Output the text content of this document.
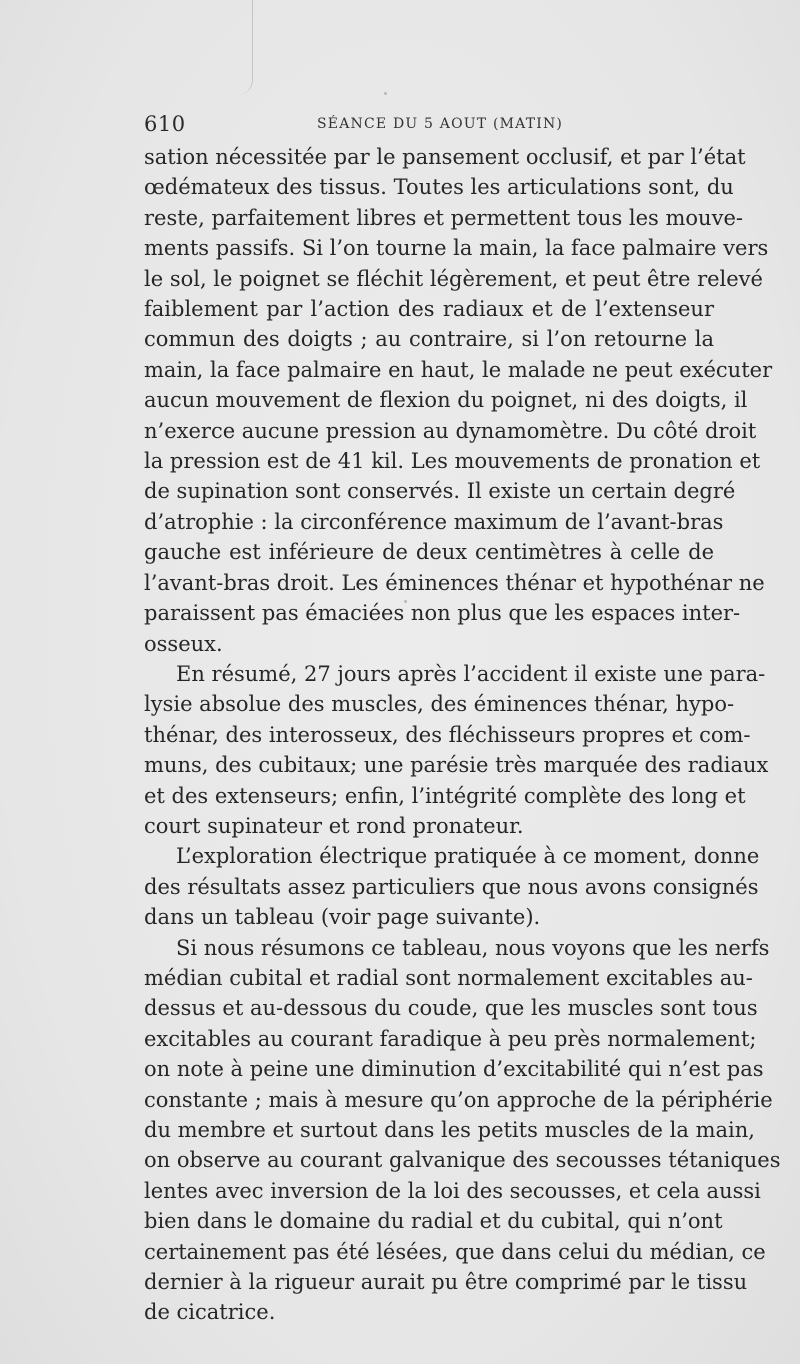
610	SÉANCE DU 5 AOUT (MATIN)

sation nécessitée par le pansement occlusif, et par l’état
œdémateux des tissus. Toutes les articulations sont, du
reste, parfaitement libres et permettent tous les mouve-
ments passifs. Si l’on tourne la main, la face palmaire vers
le sol, le poignet se fléchit légèrement, et peut être relevé
faiblement par l’action des radiaux et de l’extenseur
commun des doigts ; au contraire, si l’on retourne la
main, la face palmaire en haut, le malade ne peut exécuter
aucun mouvement de flexion du poignet, ni des doigts, il
n’exerce aucune pression au dynamomètre. Du côté droit
la pression est de 41 kil. Les mouvements de pronation et
de supination sont conservés. Il existe un certain degré
d’atrophie : la circonférence maximum de l’avant-bras
gauche est inférieure de deux centimètres à celle de
l’avant-bras droit. Les éminences thénar et hypothénar ne
paraissent pas émaciées non plus que les espaces inter-
osseux.

En résumé, 27 jours après l’accident il existe une para-
lysie absolue des muscles, des éminences thénar, hypo-
thénar, des interosseux, des fléchisseurs propres et com-
muns, des cubitaux; une parésie très marquée des radiaux
et des extenseurs; enfin, l’intégrité complète des long et
court supinateur et rond pronateur.

L’exploration électrique pratiquée à ce moment, donne
des résultats assez particuliers que nous avons consignés
dans un tableau (voir page suivante).

Si nous résumons ce tableau, nous voyons que les nerfs
médian cubital et radial sont normalement excitables au-
dessus et au-dessous du coude, que les muscles sont tous
excitables au courant faradique à peu près normalement;
on note à peine une diminution d’excitabilité qui n’est pas
constante ; mais à mesure qu’on approche de la périphérie
du membre et surtout dans les petits muscles de la main,
on observe au courant galvanique des secousses tétaniques
lentes avec inversion de la loi des secousses, et cela aussi
bien dans le domaine du radial et du cubital, qui n’ont
certainement pas été lésées, que dans celui du médian, ce
dernier à la rigueur aurait pu être comprimé par le tissu
de cicatrice.
